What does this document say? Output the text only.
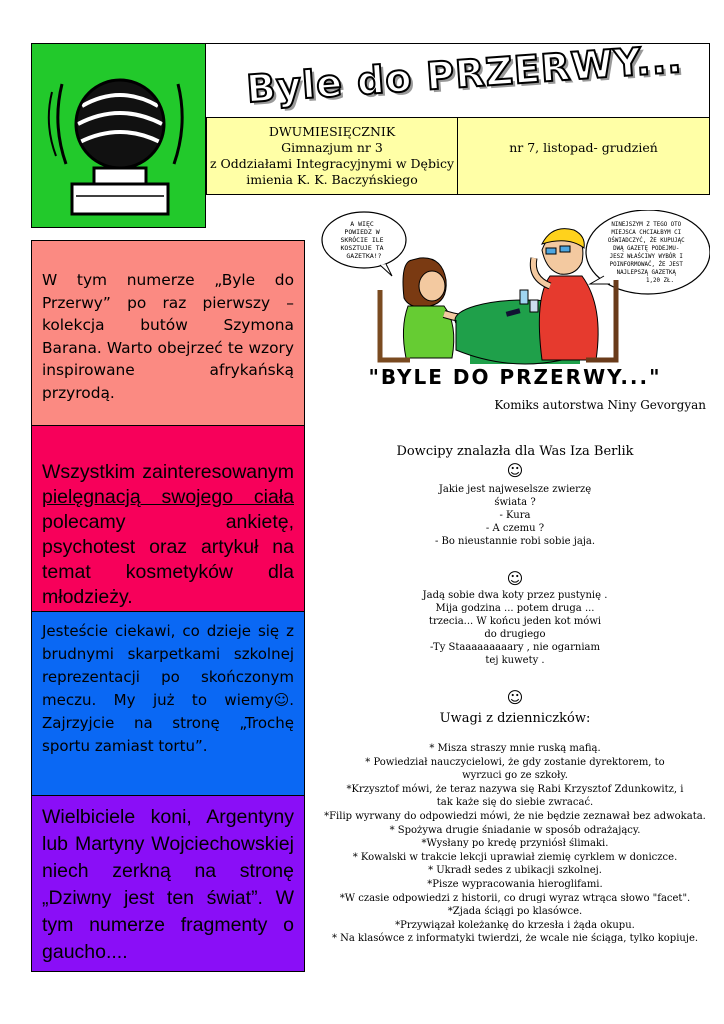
Byle do PRZERWY...
DWUMIESIĘCZNIK
Gimnazjum nr 3
z Oddziałami Integracyjnymi w Dębicy
imienia K. K. Baczyńskiego
nr 7, listopad- grudzień
W tym numerze „Byle do Przerwy” po raz pierwszy – kolekcja butów Szymona Barana. Warto obejrzeć te wzory inspirowane afrykańską przyrodą.
Wszystkim zainteresowanym pielęgnacją swojego ciała polecamy ankietę, psychotest oraz artykuł na temat kosmetyków dla młodzieży.
Jesteście ciekawi, co dzieje się z brudnymi skarpetkami szkolnej reprezentacji po skończonym meczu. My już to wiemy☺. Zajrzyjcie na stronę „Trochę sportu zamiast tortu”.
Wielbiciele koni, Argentyny lub Martyny Wojciechowskiej niech zerkną na stronę „Dziwny jest ten świat”. W tym numerze fragmenty o gaucho....
A WIĘC POWIEDZ W SKRÓCIE ILE KOSZTUJE TA GAZETKA!?
NINEJSZYM Z TEGO OTO MIEJSCA CHCIAŁBYM CI OŚWIADCZYĆ, ŻE KUPUJĄC DWĄ GAZETĘ PODEJMU- JESZ WŁAŚCIWY WYBÓR I POINFORMOWAĆ, ŻE JEST NAJLEPSZĄ GAZETKĄ 1,20 ZŁ.
"BYLE DO PRZERWY..."
Komiks autorstwa Niny Gevorgyan
Dowcipy znalazła dla Was Iza Berlik
☺
Jakie jest najweselsze zwierzę
świata ?
- Kura
- A czemu ?
- Bo nieustannie robi sobie jaja.
☺
Jadą sobie dwa koty przez pustynię .
Mija godzina ... potem druga ...
trzecia... W końcu jeden kot mówi
do drugiego
-Ty Staaaaaaaaary , nie ogarniam
tej kuwety .
☺
Uwagi z dzienniczków:
* Misza straszy mnie ruską mafią.
* Powiedział nauczycielowi, że gdy zostanie dyrektorem, to wyrzuci go ze szkoły.
*Krzysztof mówi, że teraz nazywa się Rabi Krzysztof Zdunkowitz, i tak każe się do siebie zwracać.
*Filip wyrwany do odpowiedzi mówi, że nie będzie zeznawał bez adwokata.
* Spożywa drugie śniadanie w sposób odrażający.
*Wysłany po kredę przyniósł ślimaki.
* Kowalski w trakcie lekcji uprawiał ziemię cyrklem w doniczce.
* Ukradł sedes z ubikacji szkolnej.
*Pisze wypracowania hieroglifami.
*W czasie odpowiedzi z historii, co drugi wyraz wtrąca słowo "facet".
*Zjada ściągi po klasówce.
*Przywiązał koleżankę do krzesła i żąda okupu.
* Na klasówce z informatyki twierdzi, że wcale nie ściąga, tylko kopiuje.
